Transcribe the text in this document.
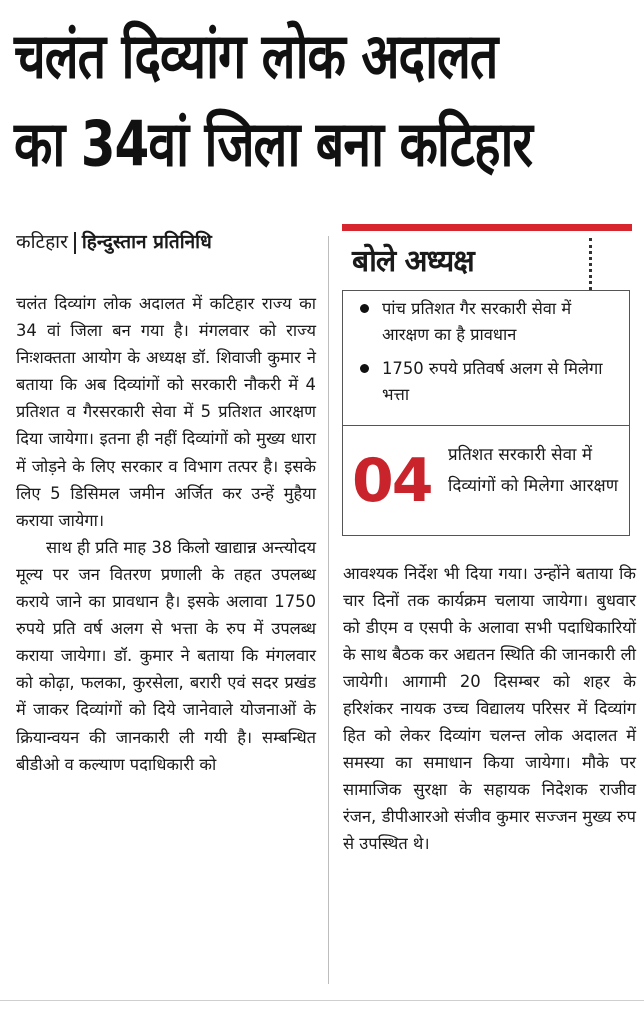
चलंत दिव्यांग लोक अदालत
का 34वां जिला बना कटिहार
कटिहार हिन्दुस्तान प्रतिनिधि

चलंत दिव्यांग लोक अदालत में कटिहार राज्य का 34 वां जिला बन गया है। मंगलवार को राज्य निःशक्तता आयोग के अध्यक्ष डॉ. शिवाजी कुमार ने बताया कि अब दिव्यांगों को सरकारी नौकरी में 4 प्रतिशत व गैरसरकारी सेवा में 5 प्रतिशत आरक्षण दिया जायेगा। इतना ही नहीं दिव्यांगों को मुख्य धारा में जोड़ने के लिए सरकार व विभाग तत्पर है। इसके लिए 5 डिसिमल जमीन अर्जित कर उन्हें मुहैया कराया जायेगा।

साथ ही प्रति माह 38 किलो खाद्यान्न अन्त्योदय मूल्य पर जन वितरण प्रणाली के तहत उपलब्ध कराये जाने का प्रावधान है। इसके अलावा 1750 रुपये प्रति वर्ष अलग से भत्ता के रुप में उपलब्ध कराया जायेगा। डॉ. कुमार ने बताया कि मंगलवार को कोढ़ा, फलका, कुरसेला, बरारी एवं सदर प्रखंड में जाकर दिव्यांगों को दिये जानेवाले योजनाओं के क्रियान्वयन की जानकारी ली गयी है। सम्बन्धित बीडीओ व कल्याण पदाधिकारी को

बोले अध्यक्ष
पांच प्रतिशत गैर सरकारी सेवा में आरक्षण का है प्रावधान
1750 रुपये प्रतिवर्ष अलग से मिलेगा भत्ता
04 प्रतिशत सरकारी सेवा में दिव्यांगों को मिलेगा आरक्षण

आवश्यक निर्देश भी दिया गया। उन्होंने बताया कि चार दिनों तक कार्यक्रम चलाया जायेगा। बुधवार को डीएम व एसपी के अलावा सभी पदाधिकारियों के साथ बैठक कर अद्यतन स्थिति की जानकारी ली जायेगी। आगामी 20 दिसम्बर को शहर के हरिशंकर नायक उच्च विद्यालय परिसर में दिव्यांग हित को लेकर दिव्यांग चलन्त लोक अदालत में समस्या का समाधान किया जायेगा। मौके पर सामाजिक सुरक्षा के सहायक निदेशक राजीव रंजन, डीपीआरओ संजीव कुमार सज्जन मुख्य रुप से उपस्थित थे।
